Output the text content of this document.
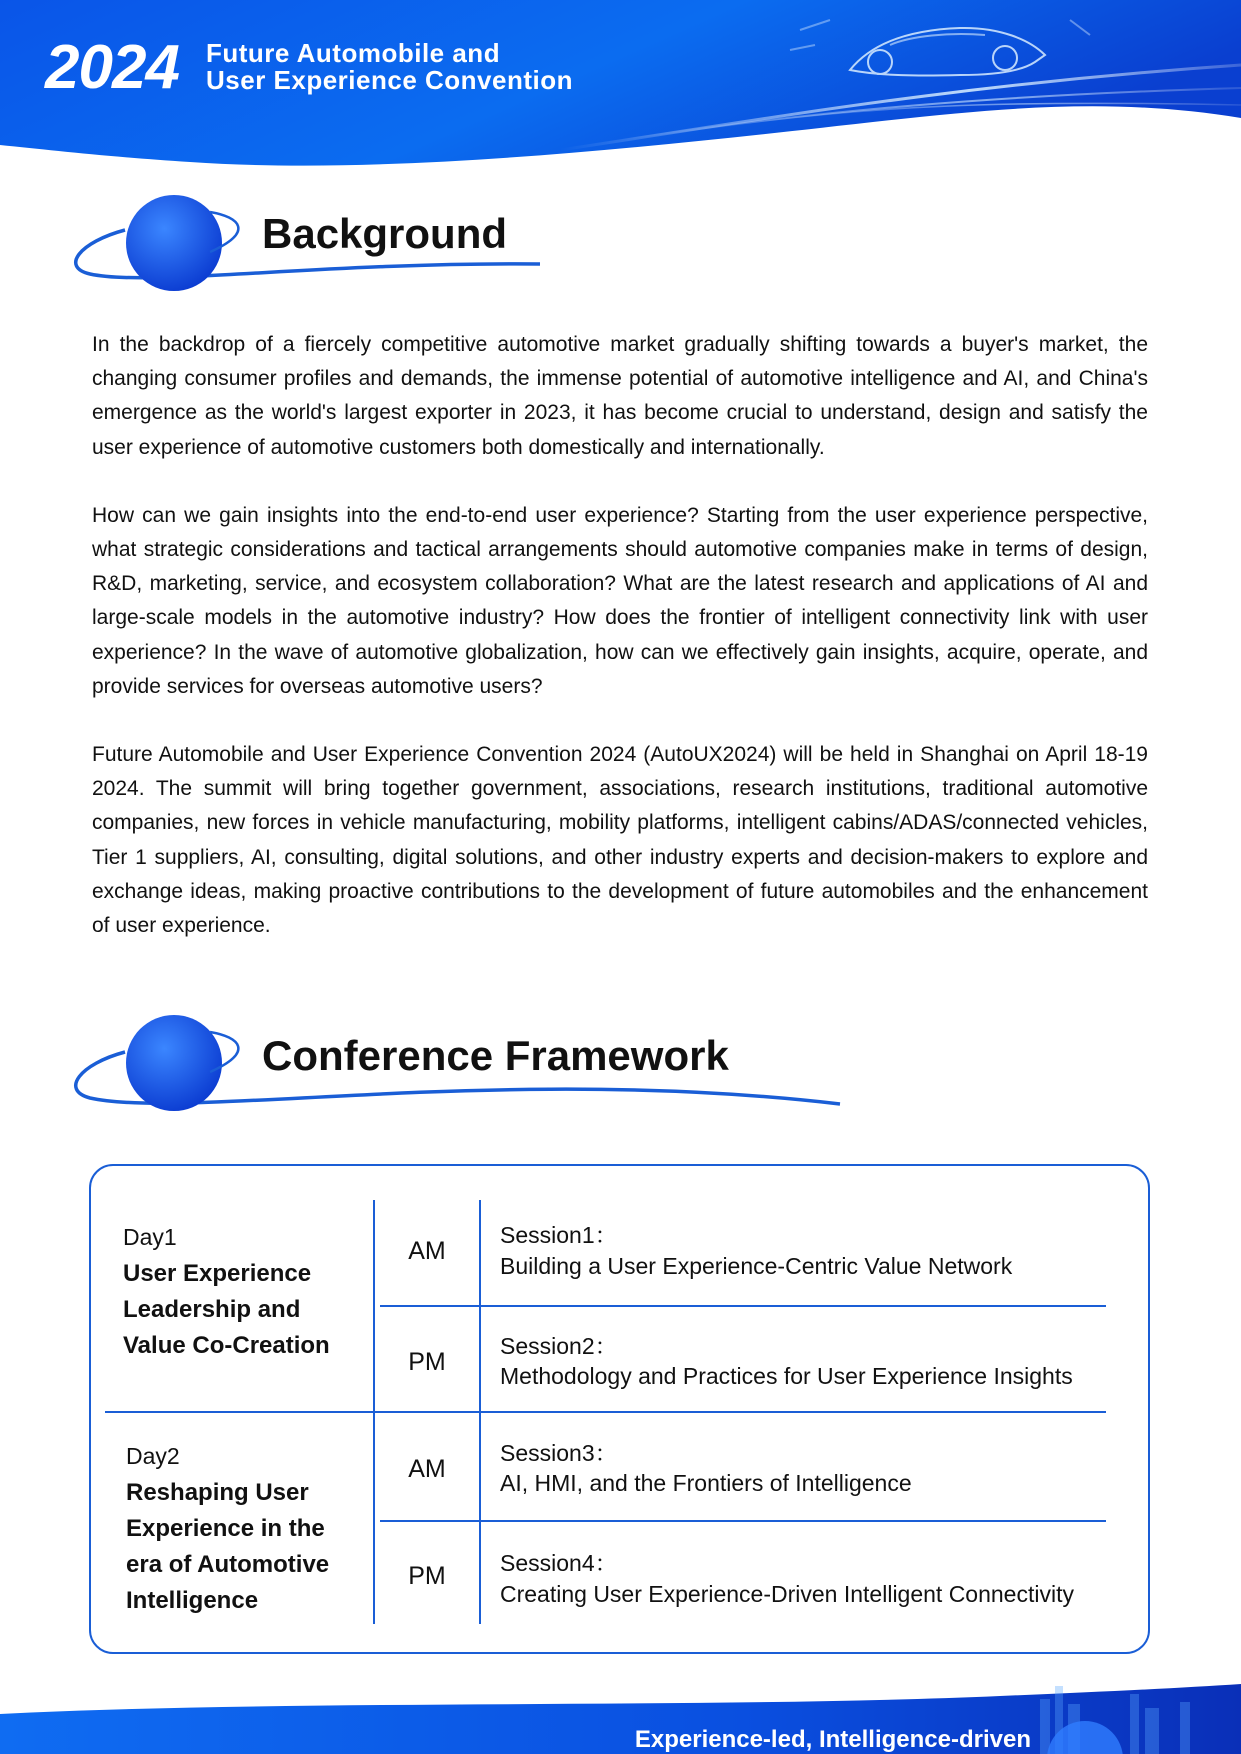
2024 Future Automobile and
User Experience Convention
Background

In the backdrop of a fiercely competitive automotive market gradually shifting towards a buyer's market, the changing consumer profiles and demands, the immense potential of automotive intelligence and AI, and China's emergence as the world's largest exporter in 2023, it has become crucial to understand, design and satisfy the user experience of automotive customers both domestically and internationally.

How can we gain insights into the end-to-end user experience? Starting from the user experience perspective, what strategic considerations and tactical arrangements should automotive companies make in terms of design, R&D, marketing, service, and ecosystem collaboration? What are the latest research and applications of AI and large-scale models in the automotive industry? How does the frontier of intelligent connectivity link with user experience? In the wave of automotive globalization, how can we effectively gain insights, acquire, operate, and provide services for overseas automotive users?

Future Automobile and User Experience Convention 2024 (AutoUX2024) will be held in Shanghai on April 18-19 2024. The summit will bring together government, associations, research institutions, traditional automotive companies, new forces in vehicle manufacturing, mobility platforms, intelligent cabins/ADAS/connected vehicles, Tier 1 suppliers, AI, consulting, digital solutions, and other industry experts and decision-makers to explore and exchange ideas, making proactive contributions to the development of future automobiles and the enhancement of user experience.

Conference Framework
Day1
User Experience Leadership and Value Co-Creation
AM
Session1：
Building a User Experience-Centric Value Network
PM
Session2：
Methodology and Practices for User Experience Insights
Day2
Reshaping User Experience in the era of Automotive Intelligence
AM
Session3：
AI, HMI, and the Frontiers of Intelligence
PM	Session4：
Creating User Experience-Driven Intelligent Connectivity
Experience-led, Intelligence-driven
